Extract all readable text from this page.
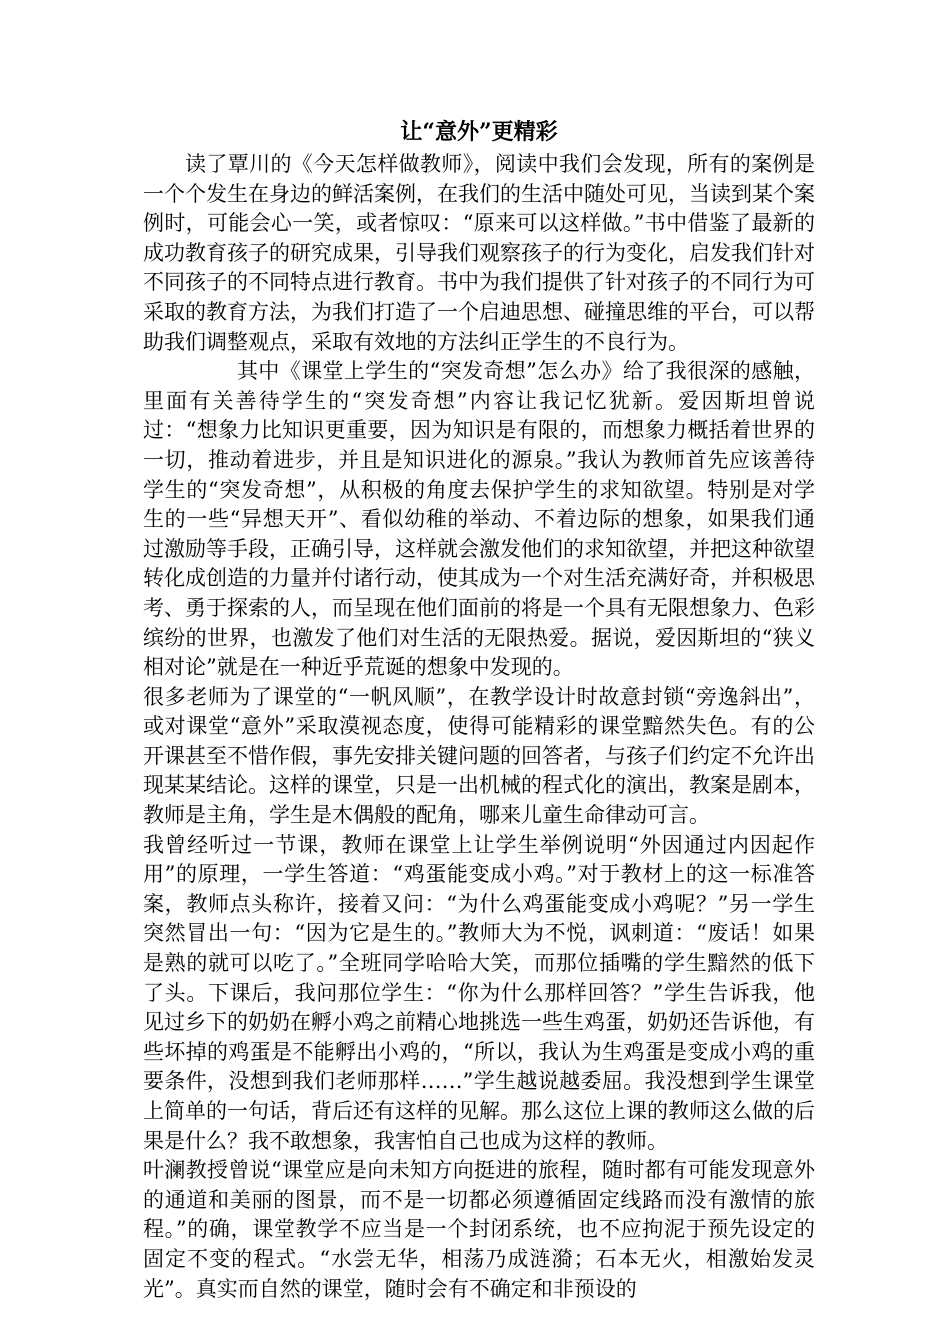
让“意外”更精彩

读了覃川的《今天怎样做教师》，阅读中我们会发现，所有的案例是一个个发生在身边的鲜活案例，在我们的生活中随处可见，当读到某个案例时，可能会心一笑，或者惊叹：“原来可以这样做。”书中借鉴了最新的成功教育孩子的研究成果，引导我们观察孩子的行为变化，启发我们针对不同孩子的不同特点进行教育。书中为我们提供了针对孩子的不同行为可采取的教育方法，为我们打造了一个启迪思想、碰撞思维的平台，可以帮助我们调整观点，采取有效地的方法纠正学生的不良行为。

其中《课堂上学生的“突发奇想”怎么办》给了我很深的感触，里面有关善待学生的“突发奇想”内容让我记忆犹新。爱因斯坦曾说过：“想象力比知识更重要，因为知识是有限的，而想象力概括着世界的一切，推动着进步，并且是知识进化的源泉。”我认为教师首先应该善待学生的“突发奇想”，从积极的角度去保护学生的求知欲望。特别是对学生的一些“异想天开”、看似幼稚的举动、不着边际的想象，如果我们通过激励等手段，正确引导，这样就会激发他们的求知欲望，并把这种欲望转化成创造的力量并付诸行动，使其成为一个对生活充满好奇，并积极思考、勇于探索的人，而呈现在他们面前的将是一个具有无限想象力、色彩缤纷的世界，也激发了他们对生活的无限热爱。据说，爱因斯坦的“狭义相对论”就是在一种近乎荒诞的想象中发现的。

很多老师为了课堂的“一帆风顺”，在教学设计时故意封锁“旁逸斜出”，或对课堂“意外”采取漠视态度，使得可能精彩的课堂黯然失色。有的公开课甚至不惜作假，事先安排关键问题的回答者，与孩子们约定不允许出现某某结论。这样的课堂，只是一出机械的程式化的演出，教案是剧本，教师是主角，学生是木偶般的配角，哪来儿童生命律动可言。

我曾经听过一节课，教师在课堂上让学生举例说明“外因通过内因起作用”的原理，一学生答道：“鸡蛋能变成小鸡。”对于教材上的这一标准答案，教师点头称许，接着又问：“为什么鸡蛋能变成小鸡呢？”另一学生突然冒出一句：“因为它是生的。”教师大为不悦，讽刺道：“废话！如果是熟的就可以吃了。”全班同学哈哈大笑，而那位插嘴的学生黯然的低下了头。下课后，我问那位学生：“你为什么那样回答？”学生告诉我，他见过乡下的奶奶在孵小鸡之前精心地挑选一些生鸡蛋，奶奶还告诉他，有些坏掉的鸡蛋是不能孵出小鸡的，“所以，我认为生鸡蛋是变成小鸡的重要条件，没想到我们老师那样……”学生越说越委屈。我没想到学生课堂上简单的一句话，背后还有这样的见解。那么这位上课的教师这么做的后果是什么？我不敢想象，我害怕自己也成为这样的教师。

叶澜教授曾说“课堂应是向未知方向挺进的旅程，随时都有可能发现意外的通道和美丽的图景，而不是一切都必须遵循固定线路而没有激情的旅程。”的确，课堂教学不应当是一个封闭系统，也不应拘泥于预先设定的固定不变的程式。“水尝无华，相荡乃成涟漪；石本无火，相激始发灵光”。真实而自然的课堂，随时会有不确定和非预设的
